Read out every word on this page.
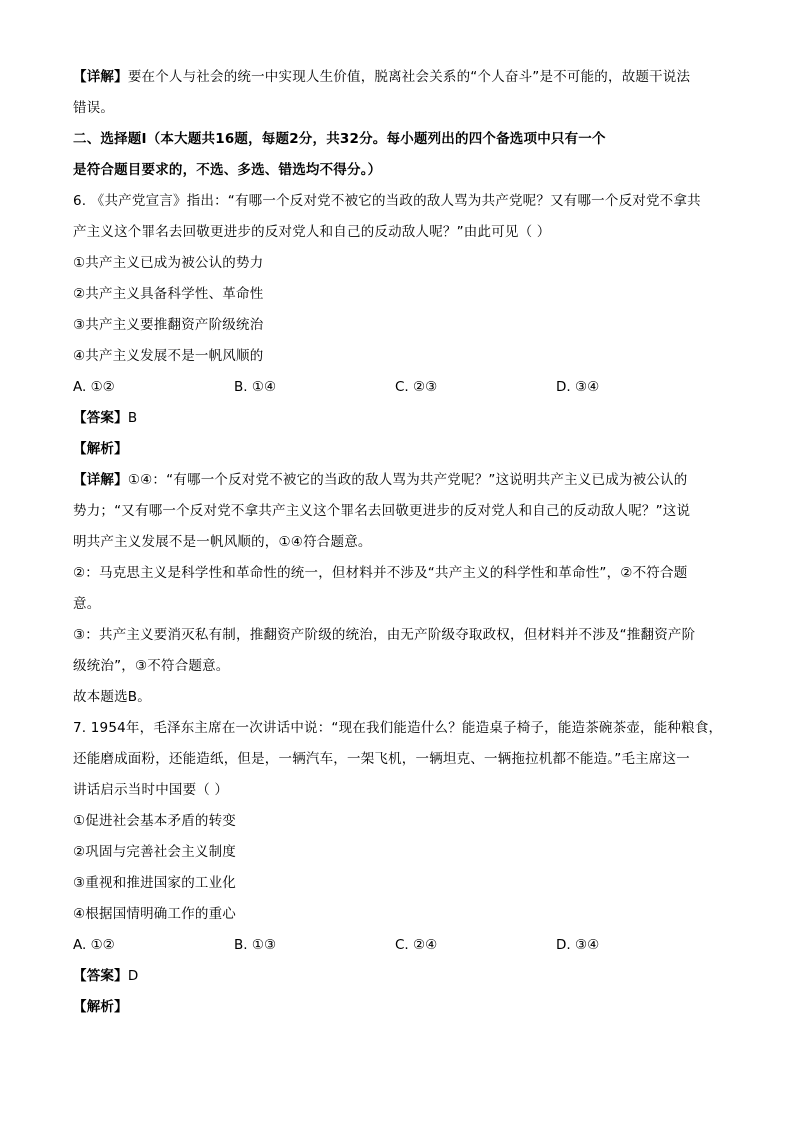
【详解】要在个人与社会的统一中实现人生价值，脱离社会关系的“个人奋斗”是不可能的，故题干说法
错误。
二、选择题Ⅰ（本大题共16题，每题2分，共32分。每小题列出的四个备选项中只有一个
是符合题目要求的，不选、多选、错选均不得分。）
6. 《共产党宣言》指出：“有哪一个反对党不被它的当政的敌人骂为共产党呢？又有哪一个反对党不拿共
产主义这个罪名去回敬更进步的反对党人和自己的反动敌人呢？”由此可见（ ）
①共产主义已成为被公认的势力
②共产主义具备科学性、革命性
③共产主义要推翻资产阶级统治
④共产主义发展不是一帆风顺的
A. ①②	B. ①④	C. ②③	D. ③④
【答案】B
【解析】
【详解】①④：“有哪一个反对党不被它的当政的敌人骂为共产党呢？”这说明共产主义已成为被公认的
势力；“又有哪一个反对党不拿共产主义这个罪名去回敬更进步的反对党人和自己的反动敌人呢？”这说
明共产主义发展不是一帆风顺的，①④符合题意。
②：马克思主义是科学性和革命性的统一，但材料并不涉及“共产主义的科学性和革命性”，②不符合题
意。
③：共产主义要消灭私有制，推翻资产阶级的统治，由无产阶级夺取政权，但材料并不涉及“推翻资产阶
级统治”，③不符合题意。
故本题选B。
7. 1954年，毛泽东主席在一次讲话中说：“现在我们能造什么？能造桌子椅子，能造茶碗茶壶，能种粮食，
还能磨成面粉，还能造纸，但是，一辆汽车，一架飞机，一辆坦克、一辆拖拉机都不能造。”毛主席这一
讲话启示当时中国要（ ）
①促进社会基本矛盾的转变
②巩固与完善社会主义制度
③重视和推进国家的工业化
④根据国情明确工作的重心
A. ①②	B. ①③	C. ②④	D. ③④
【答案】D
【解析】
